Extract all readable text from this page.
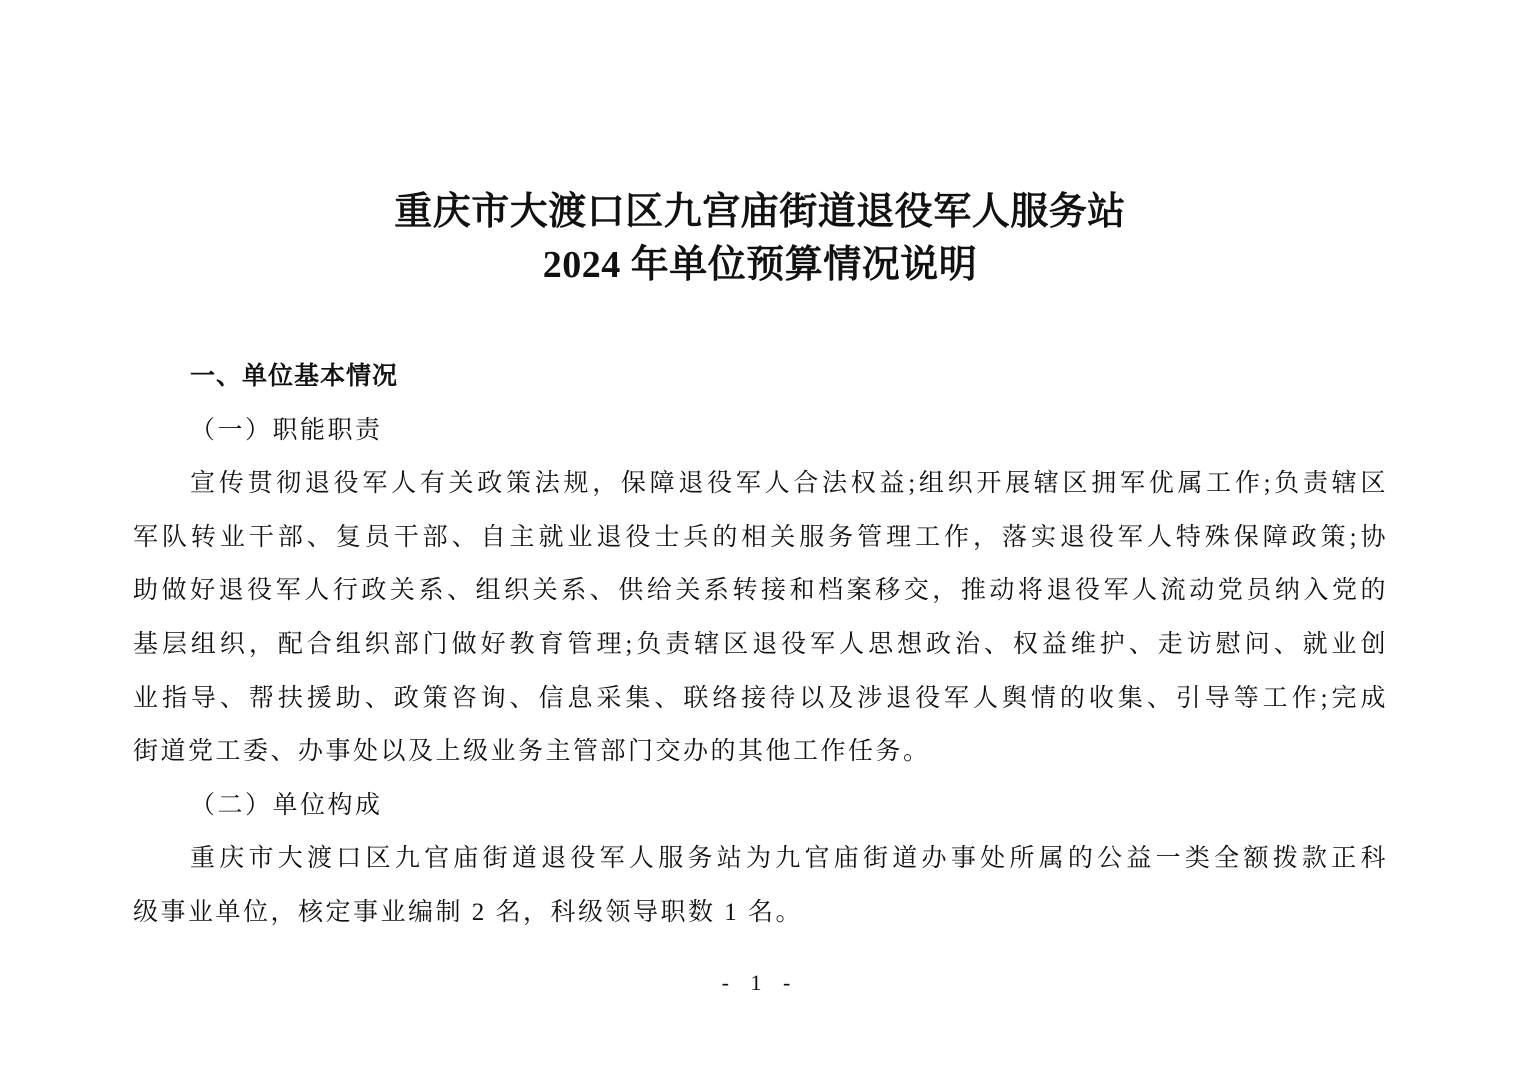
重庆市大渡口区九宫庙街道退役军人服务站
2024 年单位预算情况说明
一、单位基本情况
（一）职能职责
宣传贯彻退役军人有关政策法规，保障退役军人合法权益;组织开展辖区拥军优属工作;负责辖区
军队转业干部、复员干部、自主就业退役士兵的相关服务管理工作，落实退役军人特殊保障政策;协
助做好退役军人行政关系、组织关系、供给关系转接和档案移交，推动将退役军人流动党员纳入党的
基层组织，配合组织部门做好教育管理;负责辖区退役军人思想政治、权益维护、走访慰问、就业创
业指导、帮扶援助、政策咨询、信息采集、联络接待以及涉退役军人舆情的收集、引导等工作;完成
街道党工委、办事处以及上级业务主管部门交办的其他工作任务。
（二）单位构成
重庆市大渡口区九官庙街道退役军人服务站为九官庙街道办事处所属的公益一类全额拨款正科
级事业单位，核定事业编制 2 名，科级领导职数 1 名。
- 1 -
